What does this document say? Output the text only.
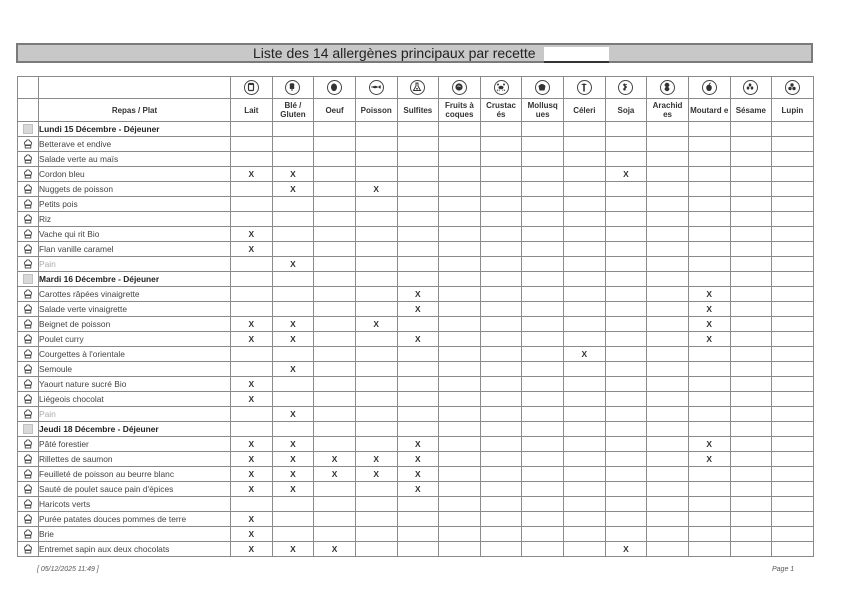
Liste des 14 allergènes principaux par recette

	Repas / Plat	Lait	Blé / Gluten	Oeuf	Poisson	Sulfites	Fruits à coques	Crustac és	Mollusq ues	Céleri	Soja	Arachid es	Moutard e	Sésame	Lupin
	Lundi 15 Décembre - Déjeuner														
	Betterave et endive														
	Salade verte au maïs														
	Cordon bleu	X	X								X				
	Nuggets de poisson		X		X										
	Petits pois														
	Riz														
	Vache qui rit Bio	X													
	Flan vanille caramel	X													
	Pain		X												
	Mardi 16 Décembre - Déjeuner														
	Carottes râpées vinaigrette					X							X		
	Salade verte vinaigrette					X							X		
	Beignet de poisson	X	X		X								X		
	Poulet curry	X	X			X							X		
	Courgettes à l'orientale									X					
	Semoule		X												
	Yaourt nature sucré Bio	X													
	Liégeois chocolat	X													
	Pain		X												
	Jeudi 18 Décembre - Déjeuner														
	Pâté forestier	X	X			X							X		
	Rillettes de saumon	X	X	X	X	X							X		
	Feuilleté de poisson au beurre blanc	X	X	X	X	X									
	Sauté de poulet sauce pain d'épices	X	X			X									
	Haricots verts														
	Purée patates douces pommes de terre	X													
	Brie	X													
	Entremet sapin aux deux chocolats	X	X	X							X				
[ 05/12/2025 11:49 ]	Page 1
